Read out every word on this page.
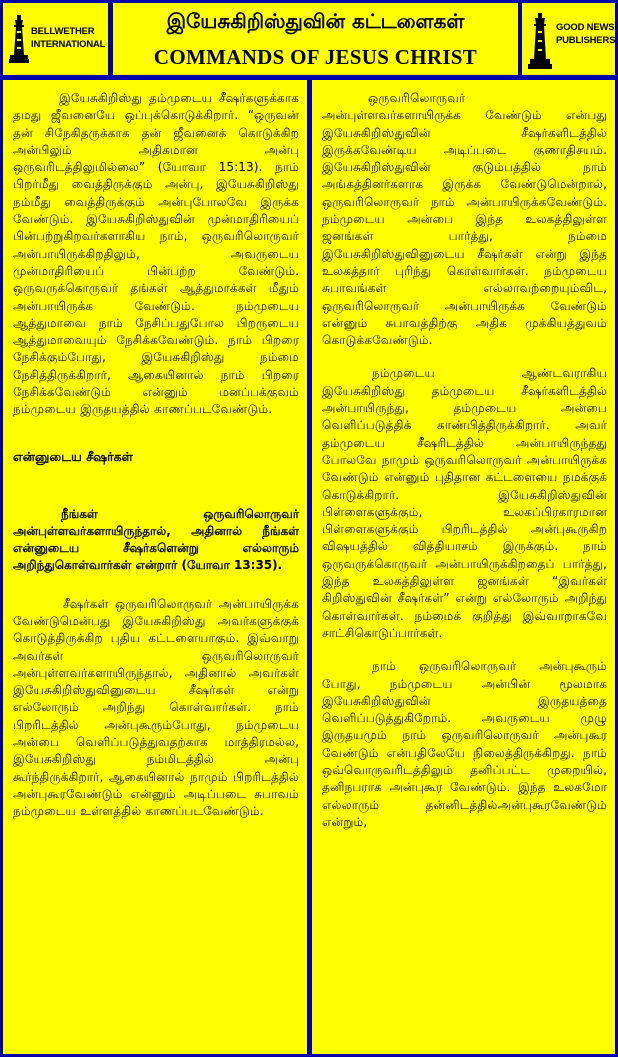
BELLWETHER
INTERNATIONAL
இயேசுகிறிஸ்துவின் கட்டளைகள்
COMMANDS OF JESUS CHRIST
GOOD NEWS
PUBLISHERS

இயேசுகிறிஸ்து தம்முடைய சீஷர்களுக்காக தமது ஜீவனையே ஒப்புக்கொடுக்கிறார். “ஒருவன் தன் சிநேகிதருக்காக தன் ஜீவனைக் கொடுக்கிற அன்பிலும் அதிகமான அன்பு ஒருவரிடத்திலுமில்லை” (யோவா 15:13). நாம் பிறர்மீது வைத்திருக்கும் அன்பு, இயேசுகிறிஸ்து நம்மீது வைத்திருக்கும் அன்புபோலவே இருக்க வேண்டும். இயேசுகிறிஸ்துவின் முன்மாதிரியைப் பின்பற்றுகிறவர்களாகிய நாம், ஒருவரிலொருவர் அன்பாயிருக்கிறதிலும், அவருடைய முன்மாதிரியைப் பின்பற்ற வேண்டும். ஒருவருக்கொருவர் தங்கள் ஆத்துமாக்கள் மீதும் அன்பாயிருக்க வேண்டும். நம்முடைய ஆத்துமாவை நாம் நேசிப்பதுபோல பிறருடைய ஆத்துமாவையும் நேசிக்கவேண்டும். நாம் பிறரை நேசிக்கும்போது, இயேசுகிறிஸ்து நம்மை நேசித்திருக்கிறார், ஆகையினால் நாம் பிறரை நேசிக்கவேண்டும் என்னும் மனப்பக்குவம் நம்முடைய இருதயத்தில் காணப்படவேண்டும்.

என்னுடைய சீஷர்கள்

நீங்கள் ஒருவரிலொருவர் அன்புள்ளவர்களாயிருந்தால், அதினால் நீங்கள் என்னுடைய சீஷர்களென்று எல்லாரும் அறிந்துகொள்வார்கள் என்றார் (யோவா 13:35).

சீஷர்கள் ஒருவரிலொருவர் அன்பாயிருக்க வேண்டுமென்பது இயேசுகிறிஸ்து அவர்களுக்குக் கொடுத்திருக்கிற புதிய கட்டளையாகும். இவ்வாறு அவர்கள் ஒருவரிலொருவர் அன்புள்ளவர்களாயிருந்தால், அதினால் அவர்கள் இயேசுகிறிஸ்துவினுடைய சீஷர்கள் என்று எல்லோரும் அறிந்து கொள்வார்கள். நாம் பிறரிடத்தில் அன்புகூரும்போது, நம்முடைய அன்பை வெளிப்படுத்துவதற்காக மாத்திரமல்ல, இயேசுகிறிஸ்து நம்மிடத்தில் அன்பு கூர்ந்திருக்கிறார், ஆகையினால் நாமும் பிறரிடத்தில் அன்புகூரவேண்டும் என்னும் அடிப்படை சுபாவம் நம்முடைய உள்ளத்தில் காணப்படவேண்டும்.

ஒருவரிலொருவர் அன்புள்ளவர்களாயிருக்க வேண்டும் என்பது இயேசுகிறிஸ்துவின் சீஷர்களிடத்தில் இருக்கவேண்டிய அடிப்படை குணாதிசயம். இயேசுகிறிஸ்துவின் குடும்பத்தில் நாம் அங்கத்தினர்களாக இருக்க வேண்டுமென்றால், ஒருவரிலொருவர் நாம் அன்பாயிருக்கவேண்டும். நம்முடைய அன்பை இந்த உலகத்திலுள்ள ஜனங்கள் பார்த்து, நம்மை இயேசுகிறிஸ்துவினுடைய சீஷர்கள் என்று இந்த உலகத்தார் புரிந்து கொள்வார்கள். நம்முடைய சுபாவங்கள் எல்லாவற்றையும்விட, ஒருவரிலொருவர் அன்பாயிருக்க வேண்டும் என்னும் சுபாவத்திற்கு அதிக முக்கியத்துவம் கொடுக்கவேண்டும்.

நம்முடைய ஆண்டவராகிய இயேசுகிறிஸ்து தம்முடைய சீஷர்களிடத்தில் அன்பாயிருந்து, தம்முடைய அன்பை வெளிப்படுத்திக் காண்பித்திருக்கிறார். அவர் தம்முடைய சீஷரிடத்தில் அன்பாயிருந்தது போலவே நாமும் ஒருவரிலொருவர் அன்பாயிருக்க வேண்டும் என்னும் புதிதான கட்டளையை நமக்குக் கொடுக்கிறார். இயேசுகிறிஸ்துவின் பிள்ளைகளுக்கும், உலகப்பிரகாரமான பிள்ளைகளுக்கும் பிறரிடத்தில் அன்புகூருகிற விஷயத்தில் வித்தியாசம் இருக்கும். நாம் ஒருவருக்கொருவர் அன்பாயிருக்கிறதைப் பார்த்து, இந்த உலகத்திலுள்ள ஜனங்கள் “இவர்கள் கிறிஸ்துவின் சீஷர்கள்” என்று எல்லோரும் அறிந்து கொள்வார்கள். நம்மைக் குறித்து இவ்வாறாகவே சாட்சிகொடுப்பார்கள்.

நாம் ஒருவரிலொருவர் அன்புகூரும் போது, நம்முடைய அன்பின் மூலமாக இயேசுகிறிஸ்துவின் இருதயத்தை வெளிப்படுத்துகிறோம். அவருடைய முழு இருதயமும் நாம் ஒருவரிலொருவர் அன்புகூர வேண்டும் என்பதிலேயே நிலைத்திருக்கிறது. நாம் ஒவ்வொருவரிடத்திலும் தனிப்பட்ட முறையில், தனிநபராக அன்புகூர வேண்டும். இந்த உலகமோ எல்லாரும் தன்னிடத்தில்அன்புகூரவேண்டும் என்றும்,
